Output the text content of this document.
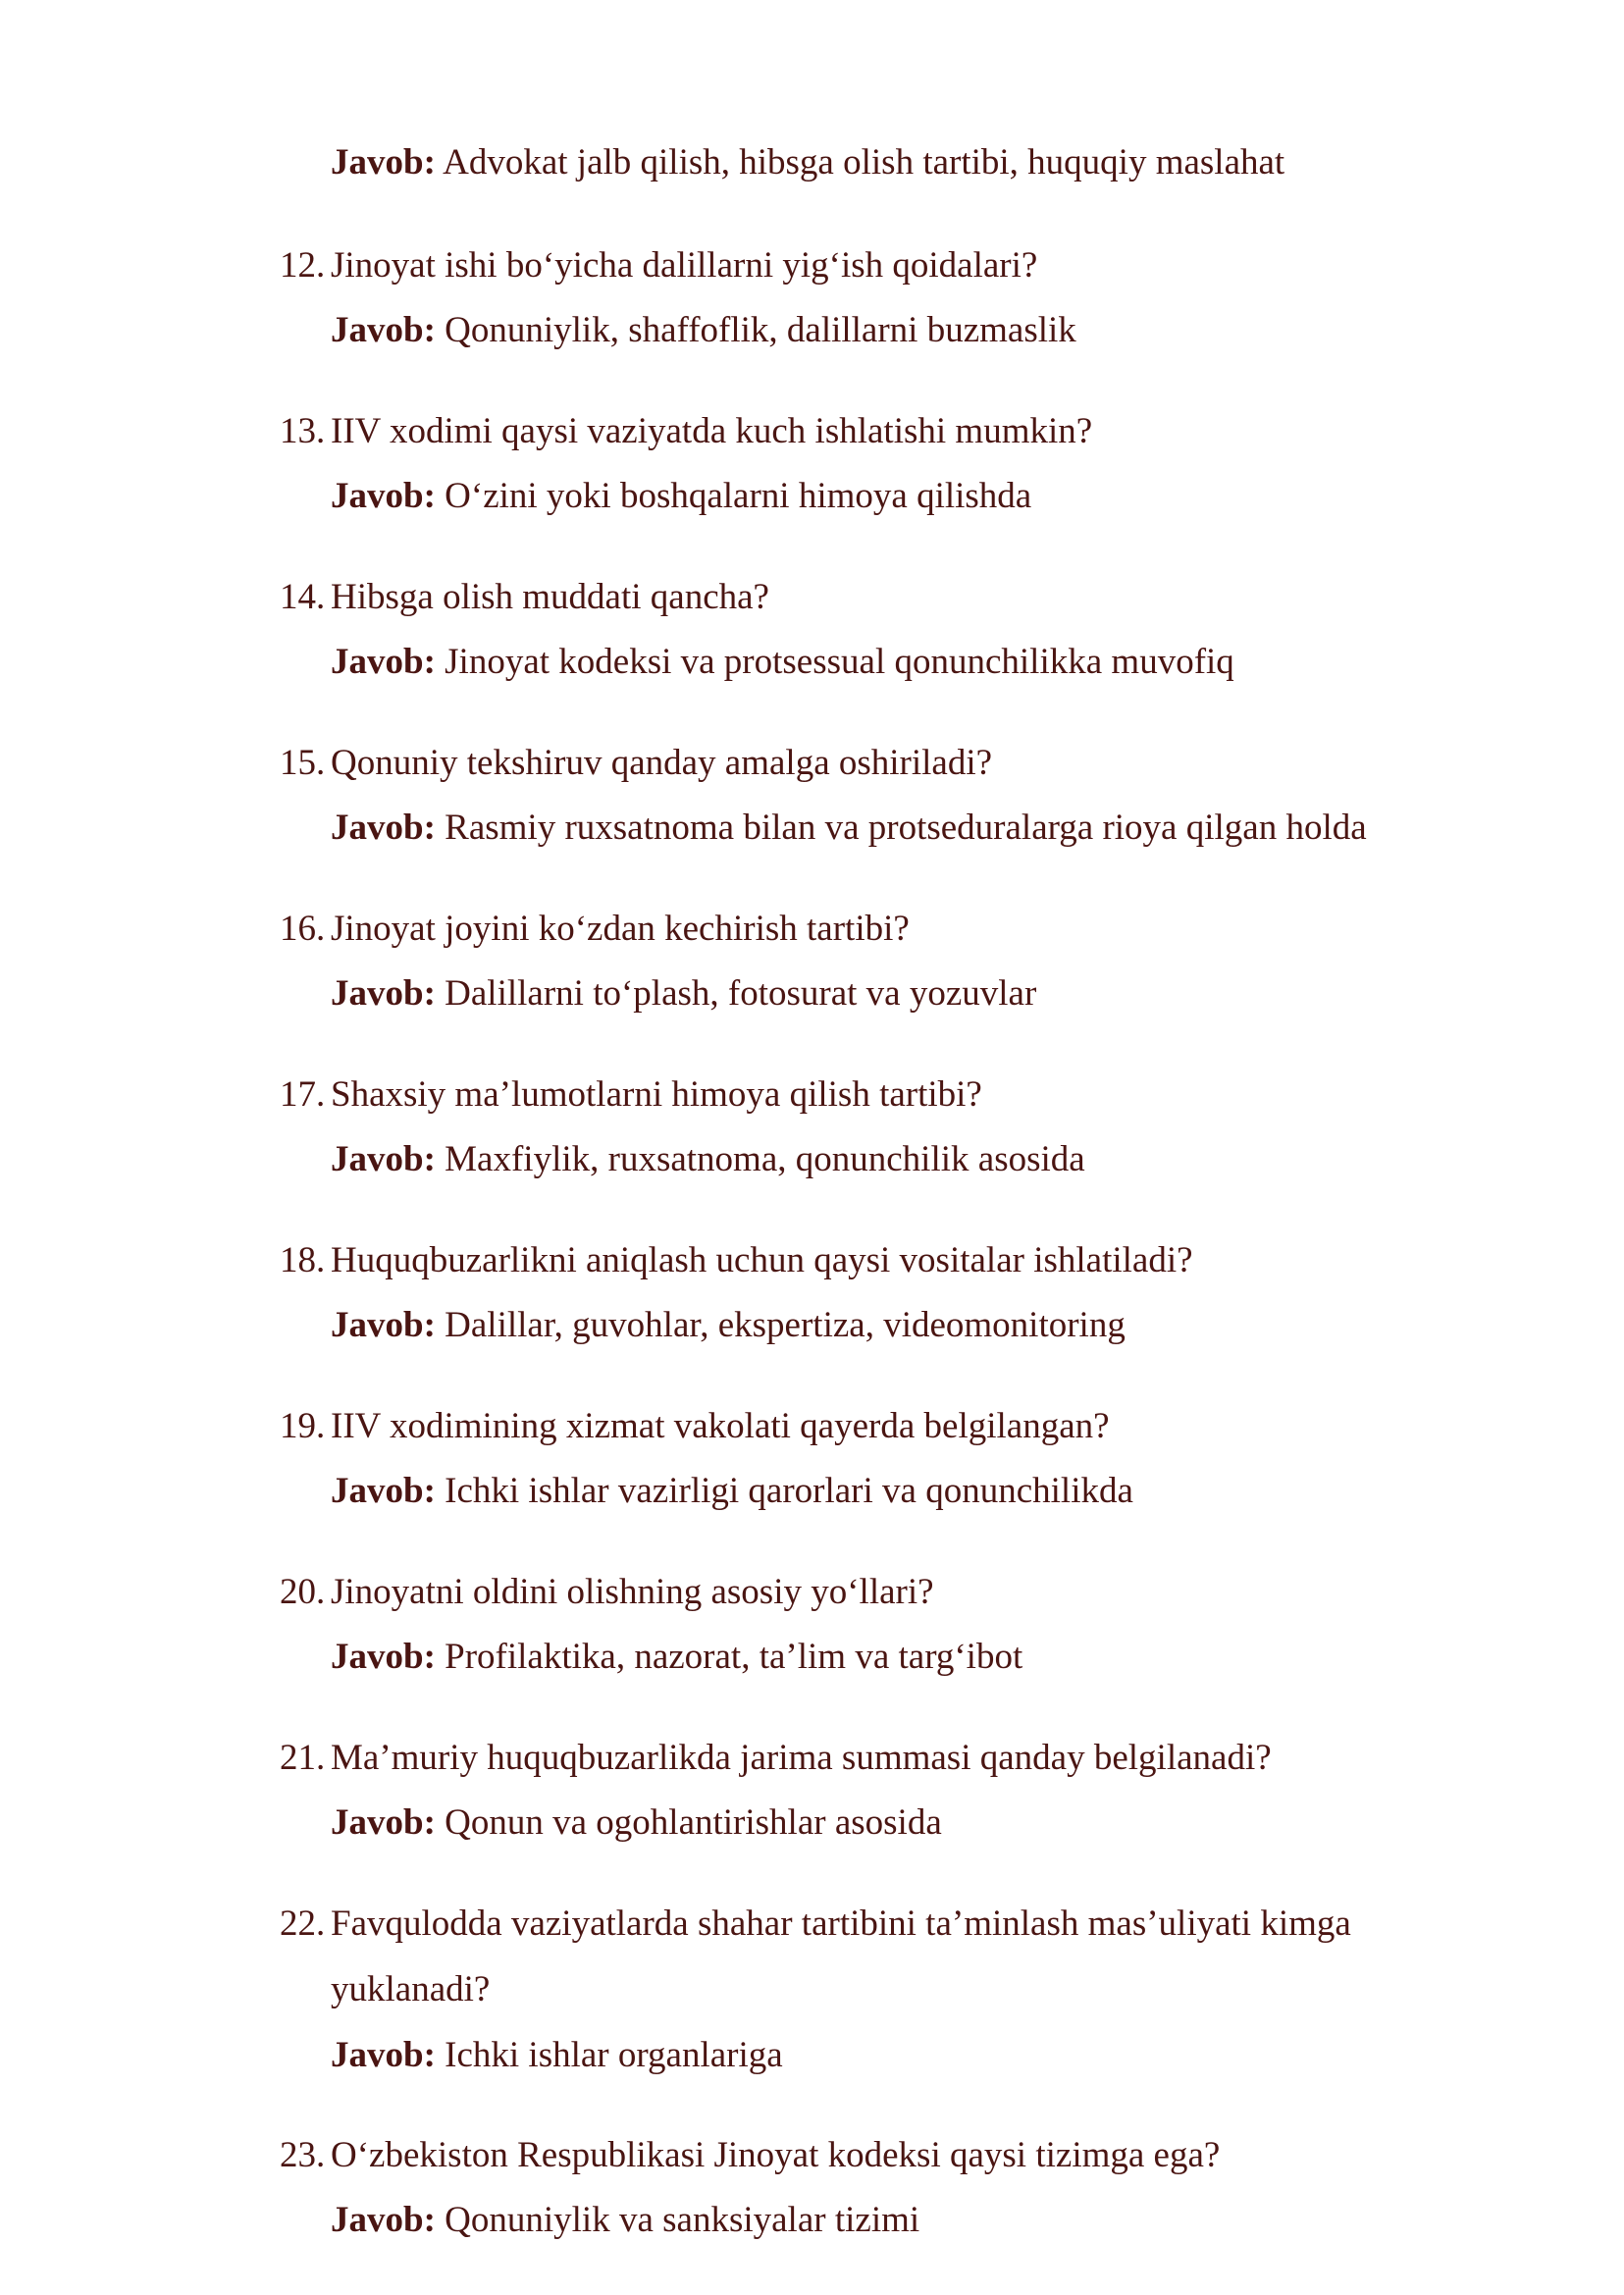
Javob: Advokat jalb qilish, hibsga olish tartibi, huquqiy maslahat
12. Jinoyat ishi bo‘yicha dalillarni yig‘ish qoidalari?
Javob: Qonuniylik, shaffoflik, dalillarni buzmaslik
13. IIV xodimi qaysi vaziyatda kuch ishlatishi mumkin?
Javob: O‘zini yoki boshqalarni himoya qilishda
14. Hibsga olish muddati qancha?
Javob: Jinoyat kodeksi va protsessual qonunchilikka muvofiq
15. Qonuniy tekshiruv qanday amalga oshiriladi?
Javob: Rasmiy ruxsatnoma bilan va protseduralarga rioya qilgan holda
16. Jinoyat joyini ko‘zdan kechirish tartibi?
Javob: Dalillarni to‘plash, fotosurat va yozuvlar
17. Shaxsiy ma’lumotlarni himoya qilish tartibi?
Javob: Maxfiylik, ruxsatnoma, qonunchilik asosida
18. Huquqbuzarlikni aniqlash uchun qaysi vositalar ishlatiladi?
Javob: Dalillar, guvohlar, ekspertiza, videomonitoring
19. IIV xodimining xizmat vakolati qayerda belgilangan?
Javob: Ichki ishlar vazirligi qarorlari va qonunchilikda
20. Jinoyatni oldini olishning asosiy yo‘llari?
Javob: Profilaktika, nazorat, ta’lim va targ‘ibot
21. Ma’muriy huquqbuzarlikda jarima summasi qanday belgilanadi?
Javob: Qonun va ogohlantirishlar asosida
22. Favqulodda vaziyatlarda shahar tartibini ta’minlash mas’uliyati kimga
yuklanadi?
Javob: Ichki ishlar organlariga
23. O‘zbekiston Respublikasi Jinoyat kodeksi qaysi tizimga ega?
Javob: Qonuniylik va sanksiyalar tizimi
